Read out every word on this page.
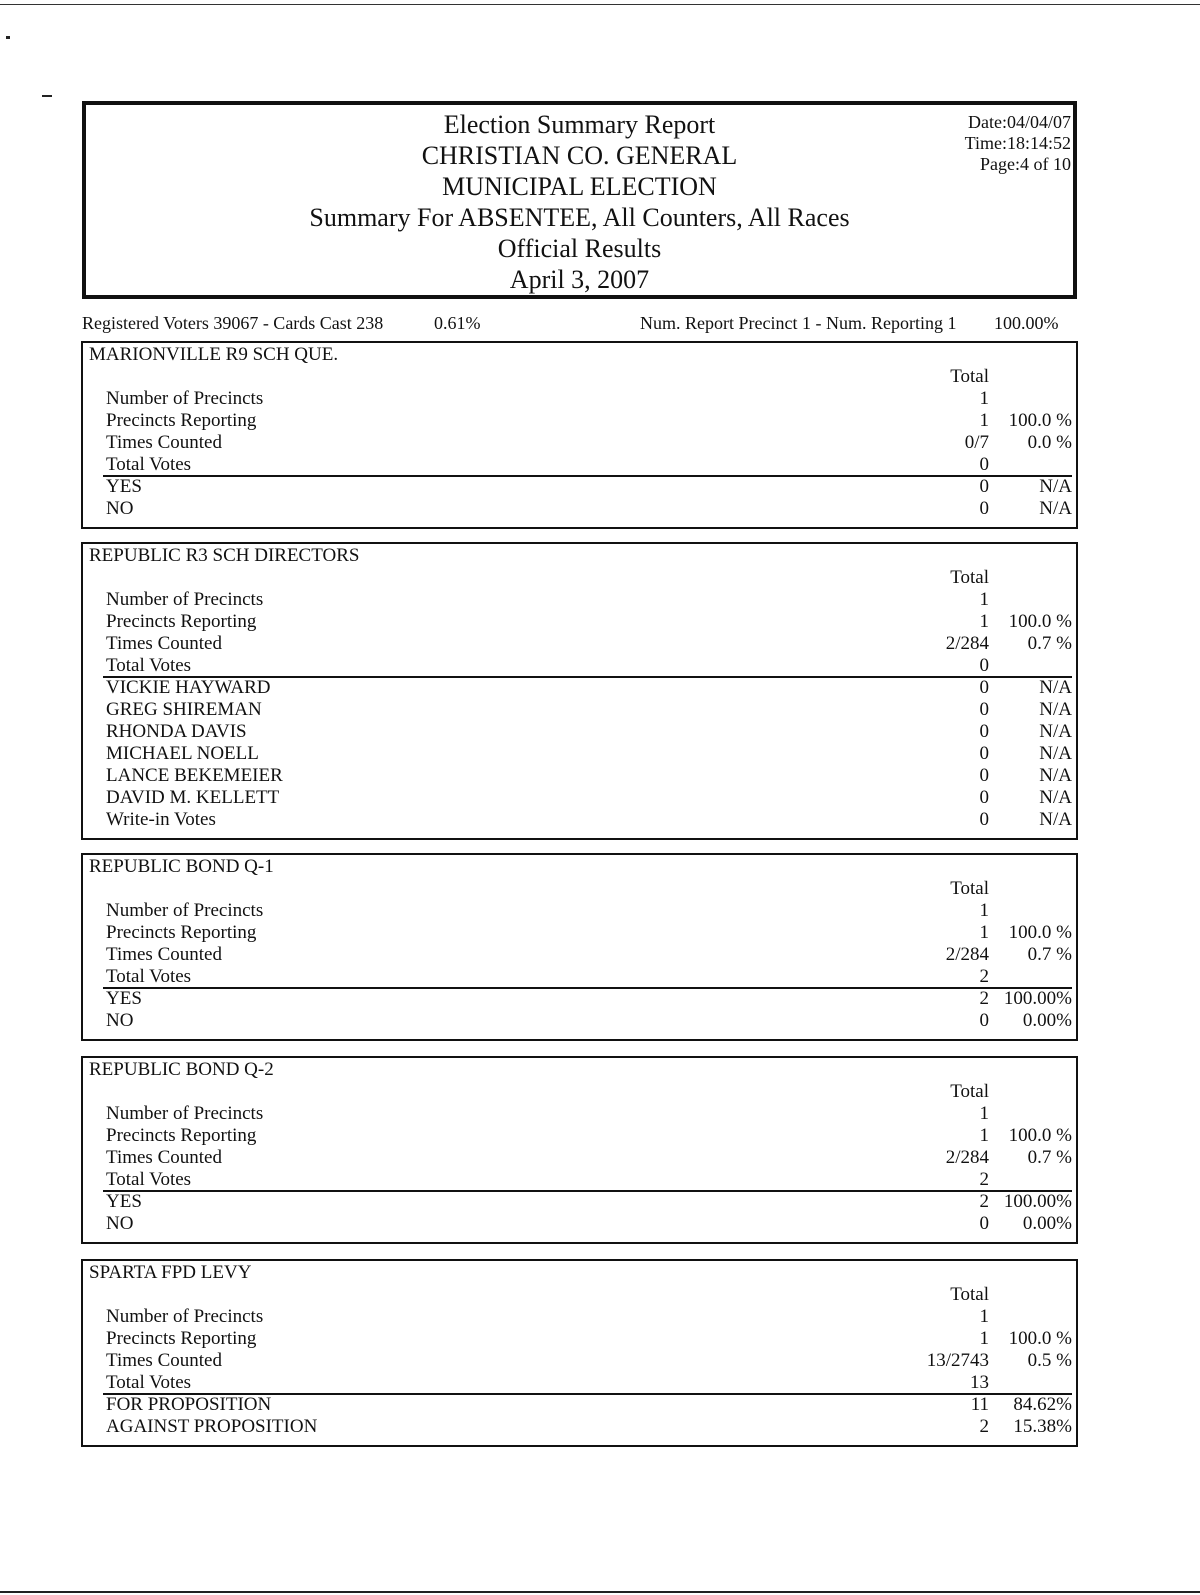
Election Summary Report
CHRISTIAN CO. GENERAL
MUNICIPAL ELECTION
Summary For ABSENTEE, All Counters, All Races
Official Results
April 3, 2007
Date:04/04/07
Time:18:14:52
Page:4 of 10
Registered Voters 39067 - Cards Cast 238	0.61%	Num. Report Precinct 1 - Num. Reporting 1 100.00%
MARIONVILLE R9 SCH QUE.
Total
Number of Precincts	1
Precincts Reporting	1 100.0 %
Times Counted	0/7 0.0 %
Total Votes	0
YES	0	N/A
NO	0	N/A
REPUBLIC R3 SCH DIRECTORS
Total
Number of Precincts	1
Precincts Reporting	1 100.0 %
Times Counted	2/284 0.7 %
Total Votes	0
VICKIE HAYWARD	0	N/A
GREG SHIREMAN	0	N/A
RHONDA DAVIS	0	N/A
MICHAEL NOELL	0	N/A
LANCE BEKEMEIER	0	N/A
DAVID M. KELLETT	0	N/A
Write-in Votes	0	N/A
REPUBLIC BOND Q-1
Total
Number of Precincts	1
Precincts Reporting	1 100.0 %
Times Counted	2/284 0.7 %
Total Votes	2
YES	2 100.00%
NO	0 0.00%
REPUBLIC BOND Q-2
Total
Number of Precincts	1
Precincts Reporting	1 100.0 %
Times Counted	2/284 0.7 %
Total Votes	2
YES	2 100.00%
NO	0 0.00%
SPARTA FPD LEVY
Total
Number of Precincts	1
Precincts Reporting	1 100.0 %
Times Counted	13/2743 0.5 %
Total Votes	13
FOR PROPOSITION	11 84.62%
AGAINST PROPOSITION	2 15.38%
